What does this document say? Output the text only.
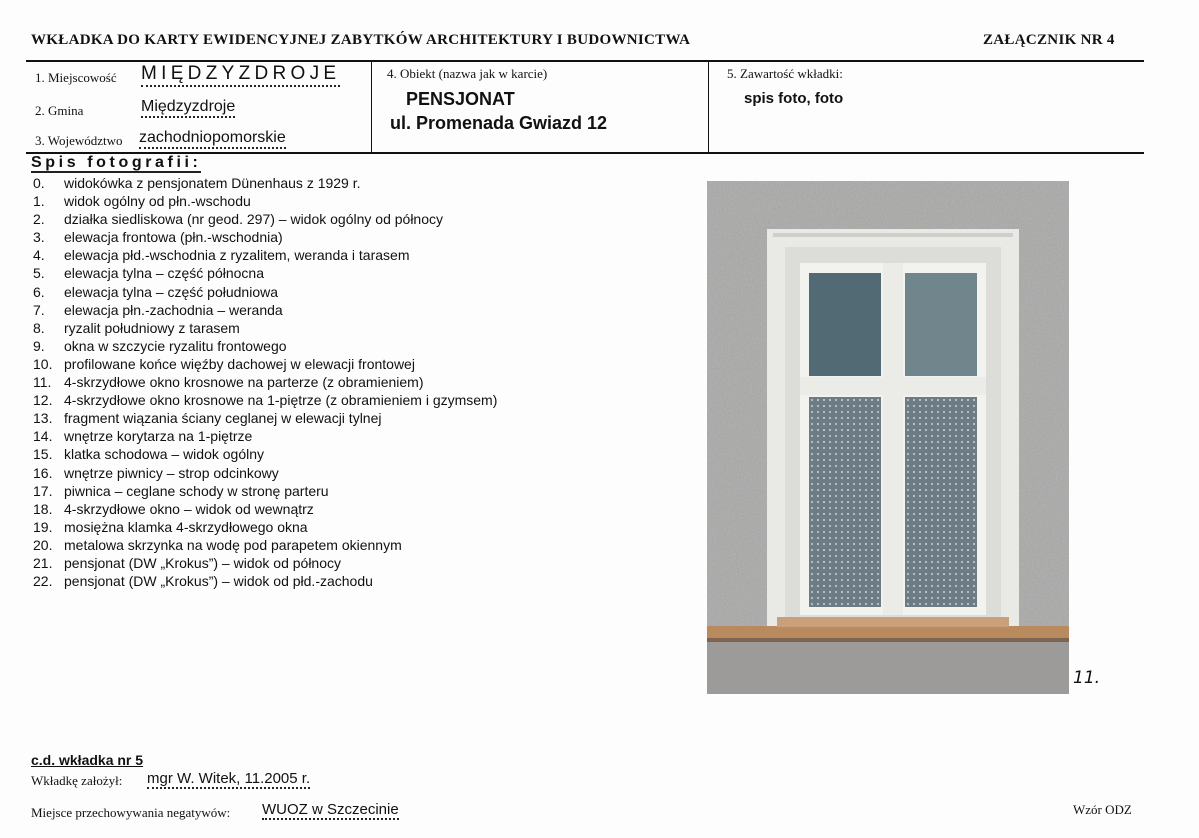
WKŁADKA DO KARTY EWIDENCYJNEJ ZABYTKÓW ARCHITEKTURY I BUDOWNICTWA	ZAŁĄCZNIK NR 4
1. Miejscowość MIĘDZYZDROJE
2. Gmina	Międzyzdroje
3. Województwo zachodniopomorskie
4. Obiekt (nazwa jak w karcie)
PENSJONAT
ul. Promenada Gwiazd 12
5. Zawartość wkładki:
spis foto, foto
Spis fotografii:
0.	widokówka z pensjonatem Dünenhaus z 1929 r.
1.	widok ogólny od płn.-wschodu
2.	działka siedliskowa (nr geod. 297) – widok ogólny od północy
3.	elewacja frontowa (płn.-wschodnia)
4.	elewacja płd.-wschodnia z ryzalitem, weranda i tarasem
5.	elewacja tylna – część północna
6.	elewacja tylna – część południowa
7.	elewacja płn.-zachodnia – weranda
8.	ryzalit południowy z tarasem
9.	okna w szczycie ryzalitu frontowego
10. profilowane końce więźby dachowej w elewacji frontowej
11. 4-skrzydłowe okno krosnowe na parterze (z obramieniem)
12. 4-skrzydłowe okno krosnowe na 1-piętrze (z obramieniem i gzymsem)
13. fragment wiązania ściany ceglanej w elewacji tylnej
14. wnętrze korytarza na 1-piętrze
15. klatka schodowa – widok ogólny
16. wnętrze piwnicy – strop odcinkowy
17. piwnica – ceglane schody w stronę parteru
18. 4-skrzydłowe okno – widok od wewnątrz
19. mosiężna klamka 4-skrzydłowego okna
20. metalowa skrzynka na wodę pod parapetem okiennym
21. pensjonat (DW „Krokus”) – widok od północy
22. pensjonat (DW „Krokus”) – widok od płd.-zachodu
11.
c.d. wkładka nr 5
Wkładkę założył: mgr W. Witek, 11.2005 r.
Miejsce przechowywania negatywów: WUOZ w Szczecinie	Wzór ODZ
